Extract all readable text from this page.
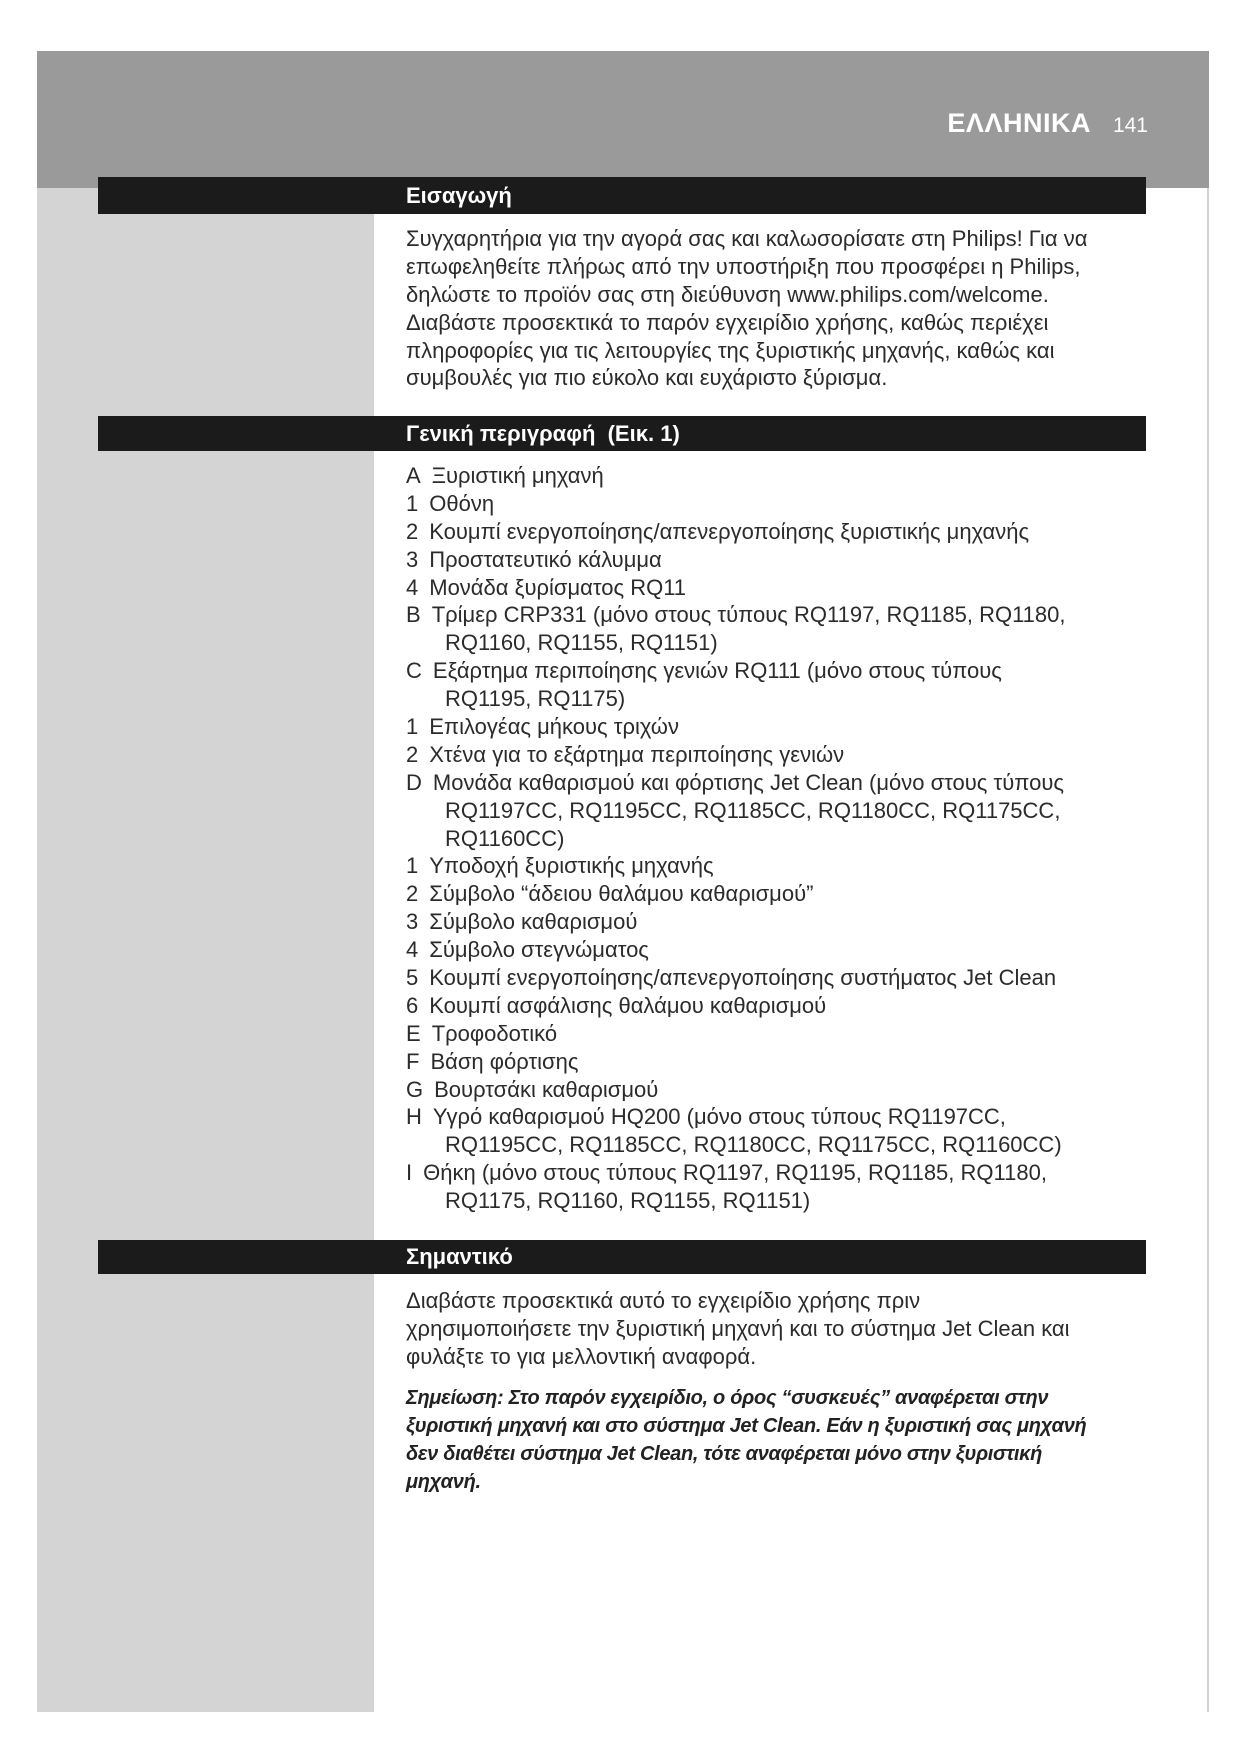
ΕΛΛΗΝΙΚΑ 141
Εισαγωγή
Συγχαρητήρια για την αγορά σας και καλωσορίσατε στη Philips! Για να
επωφεληθείτε πλήρως από την υποστήριξη που προσφέρει η Philips,
δηλώστε το προϊόν σας στη διεύθυνση www.philips.com/welcome.
Διαβάστε προσεκτικά το παρόν εγχειρίδιο χρήσης, καθώς περιέχει
πληροφορίες για τις λειτουργίες της ξυριστικής μηχανής, καθώς και
συμβουλές για πιο εύκολο και ευχάριστο ξύρισμα.
Γενική περιγραφή  (Εικ. 1)
A Ξυριστική μηχανή
1 Οθόνη
2 Κουμπί ενεργοποίησης/απενεργοποίησης ξυριστικής μηχανής
3 Προστατευτικό κάλυμμα
4 Μονάδα ξυρίσματος RQ11
B Τρίμερ CRP331 (μόνο στους τύπους RQ1197, RQ1185, RQ1180,
RQ1160, RQ1155, RQ1151)
C Εξάρτημα περιποίησης γενιών RQ111 (μόνο στους τύπους
RQ1195, RQ1175)
1 Επιλογέας μήκους τριχών
2 Χτένα για το εξάρτημα περιποίησης γενιών
D Μονάδα καθαρισμού και φόρτισης Jet Clean (μόνο στους τύπους
RQ1197CC, RQ1195CC, RQ1185CC, RQ1180CC, RQ1175CC,
RQ1160CC)
1 Υποδοχή ξυριστικής μηχανής
2 Σύμβολο “άδειου θαλάμου καθαρισμού”
3 Σύμβολο καθαρισμού
4 Σύμβολο στεγνώματος
5 Κουμπί ενεργοποίησης/απενεργοποίησης συστήματος Jet Clean
6 Κουμπί ασφάλισης θαλάμου καθαρισμού
E Τροφοδοτικό
F Βάση φόρτισης
G Βουρτσάκι καθαρισμού
H Υγρό καθαρισμού HQ200 (μόνο στους τύπους RQ1197CC,
RQ1195CC, RQ1185CC, RQ1180CC, RQ1175CC, RQ1160CC)
I Θήκη (μόνο στους τύπους RQ1197, RQ1195, RQ1185, RQ1180,
RQ1175, RQ1160, RQ1155, RQ1151)
Σημαντικό
Διαβάστε προσεκτικά αυτό το εγχειρίδιο χρήσης πριν
χρησιμοποιήσετε την ξυριστική μηχανή και το σύστημα Jet Clean και
φυλάξτε το για μελλοντική αναφορά.
Σημείωση: Στο παρόν εγχειρίδιο, ο όρος “συσκευές” αναφέρεται στην
ξυριστική μηχανή και στο σύστημα Jet Clean. Εάν η ξυριστική σας μηχανή
δεν διαθέτει σύστημα Jet Clean, τότε αναφέρεται μόνο στην ξυριστική
μηχανή.
